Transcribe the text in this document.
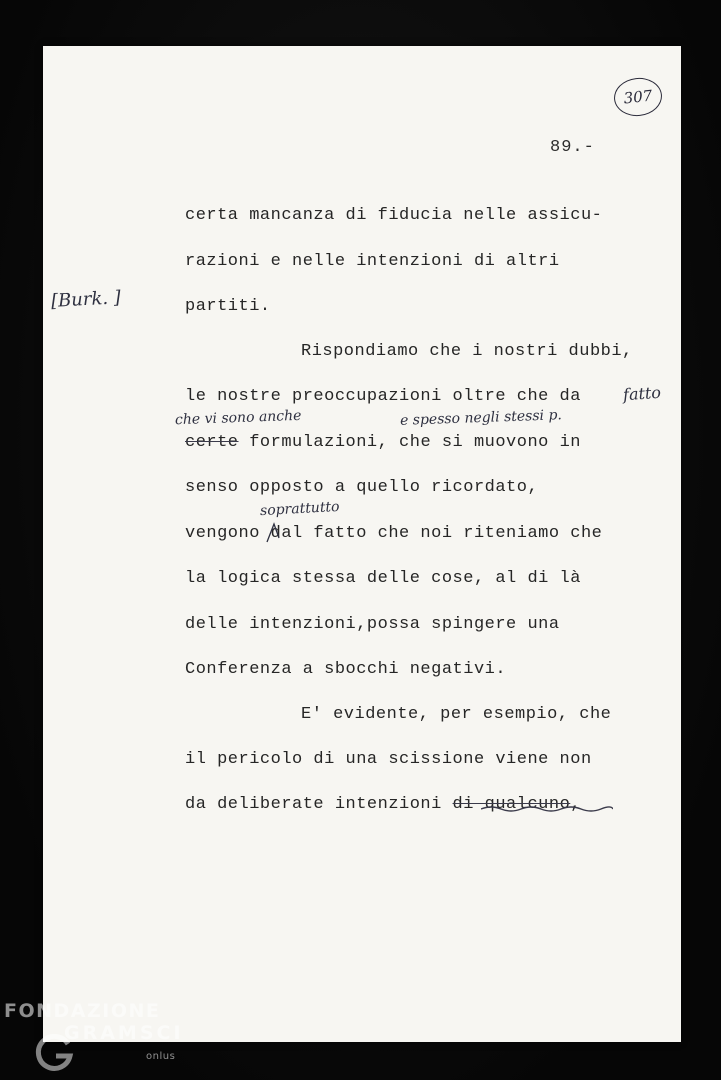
307
89.-
certa mancanza di fiducia nelle assicu-
razioni e nelle intenzioni di altri
partiti.
Rispondiamo che i nostri dubbi,
le nostre preoccupazioni oltre che da
certe formulazioni, che si muovono in
senso opposto a quello ricordato,
vengono dal fatto che noi riteniamo che
la logica stessa delle cose, al di là
delle intenzioni,possa spingere una
Conferenza a sbocchi negativi.
E' evidente, per esempio, che
il pericolo di una scissione viene non
da deliberate intenzioni di qualcuno,
[Burk. ]
che vi sono anche	e spesso negli stessi p.
fatto
soprattutto
FONDAZIONE
GRAMSCI
onlus
